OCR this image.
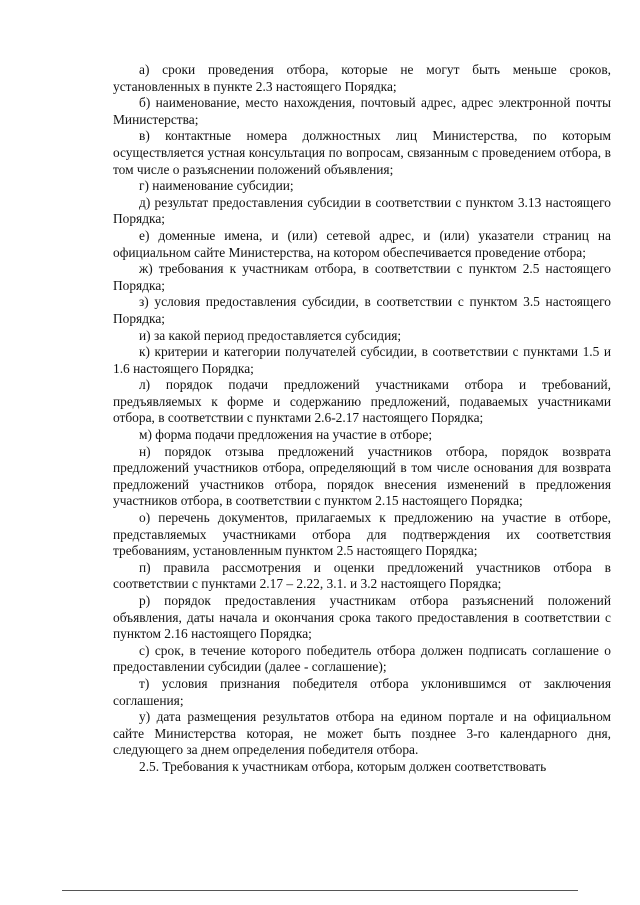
а) сроки проведения отбора, которые не могут быть меньше сроков, установленных в пункте 2.3 настоящего Порядка;

б) наименование, место нахождения, почтовый адрес, адрес электронной почты Министерства;

в) контактные номера должностных лиц Министерства, по которым осуществляется устная консультация по вопросам, связанным с проведением отбора, в том числе о разъяснении положений объявления;

г) наименование субсидии;

д) результат предоставления субсидии в соответствии с пунктом 3.13 настоящего Порядка;

е) доменные имена, и (или) сетевой адрес, и (или) указатели страниц на официальном сайте Министерства, на котором обеспечивается проведение отбора;

ж) требования к участникам отбора, в соответствии с пунктом 2.5 настоящего Порядка;

з) условия предоставления субсидии, в соответствии с пунктом 3.5 настоящего Порядка;

и) за какой период предоставляется субсидия;

к) критерии и категории получателей субсидии, в соответствии с пунктами 1.5 и 1.6 настоящего Порядка;

л) порядок подачи предложений участниками отбора и требований, предъявляемых к форме и содержанию предложений, подаваемых участниками отбора, в соответствии с пунктами 2.6-2.17 настоящего Порядка;

м) форма подачи предложения на участие в отборе;

н) порядок отзыва предложений участников отбора, порядок возврата предложений участников отбора, определяющий в том числе основания для возврата предложений участников отбора, порядок внесения изменений в предложения участников отбора, в соответствии с пунктом 2.15 настоящего Порядка;

о) перечень документов, прилагаемых к предложению на участие в отборе, представляемых участниками отбора для подтверждения их соответствия требованиям, установленным пунктом 2.5 настоящего Порядка;

п) правила рассмотрения и оценки предложений участников отбора в соответствии с пунктами 2.17 – 2.22, 3.1. и 3.2 настоящего Порядка;

р) порядок предоставления участникам отбора разъяснений положений объявления, даты начала и окончания срока такого предоставления в соответствии с пунктом 2.16 настоящего Порядка;

с) срок, в течение которого победитель отбора должен подписать соглашение о предоставлении субсидии (далее - соглашение);

т) условия признания победителя отбора уклонившимся от заключения соглашения;

у) дата размещения результатов отбора на едином портале и на официальном сайте Министерства которая, не может быть позднее 3-го календарного дня, следующего за днем определения победителя отбора.

2.5. Требования к участникам отбора, которым должен соответствовать
